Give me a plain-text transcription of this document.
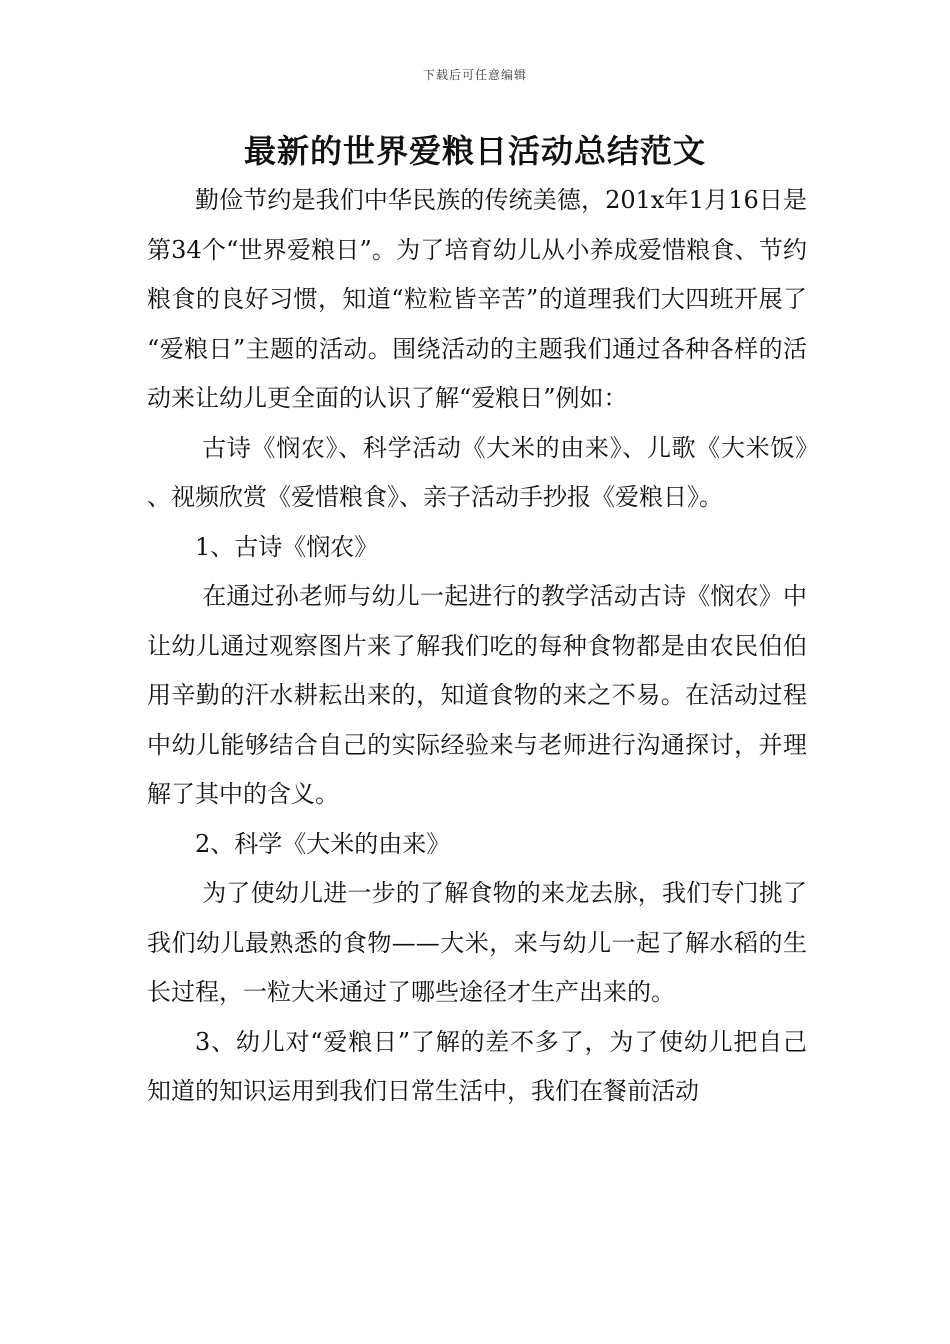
下载后可任意编辑
最新的世界爱粮日活动总结范文

勤俭节约是我们中华民族的传统美德，201x年1月16日是第34个“世界爱粮日”。为了培育幼儿从小养成爱惜粮食、节约粮食的良好习惯，知道“粒粒皆辛苦”的道理我们大四班开展了“爱粮日”主题的活动。围绕活动的主题我们通过各种各样的活动来让幼儿更全面的认识了解“爱粮日”例如：

古诗《悯农》、科学活动《大米的由来》、儿歌《大米饭》、视频欣赏《爱惜粮食》、亲子活动手抄报《爱粮日》。

1、古诗《悯农》

在通过孙老师与幼儿一起进行的教学活动古诗《悯农》中让幼儿通过观察图片来了解我们吃的每种食物都是由农民伯伯用辛勤的汗水耕耘出来的，知道食物的来之不易。在活动过程中幼儿能够结合自己的实际经验来与老师进行沟通探讨，并理解了其中的含义。

2、科学《大米的由来》

为了使幼儿进一步的了解食物的来龙去脉，我们专门挑了我们幼儿最熟悉的食物——大米，来与幼儿一起了解水稻的生长过程，一粒大米通过了哪些途径才生产出来的。

3、幼儿对“爱粮日”了解的差不多了，为了使幼儿把自己知道的知识运用到我们日常生活中，我们在餐前活动
